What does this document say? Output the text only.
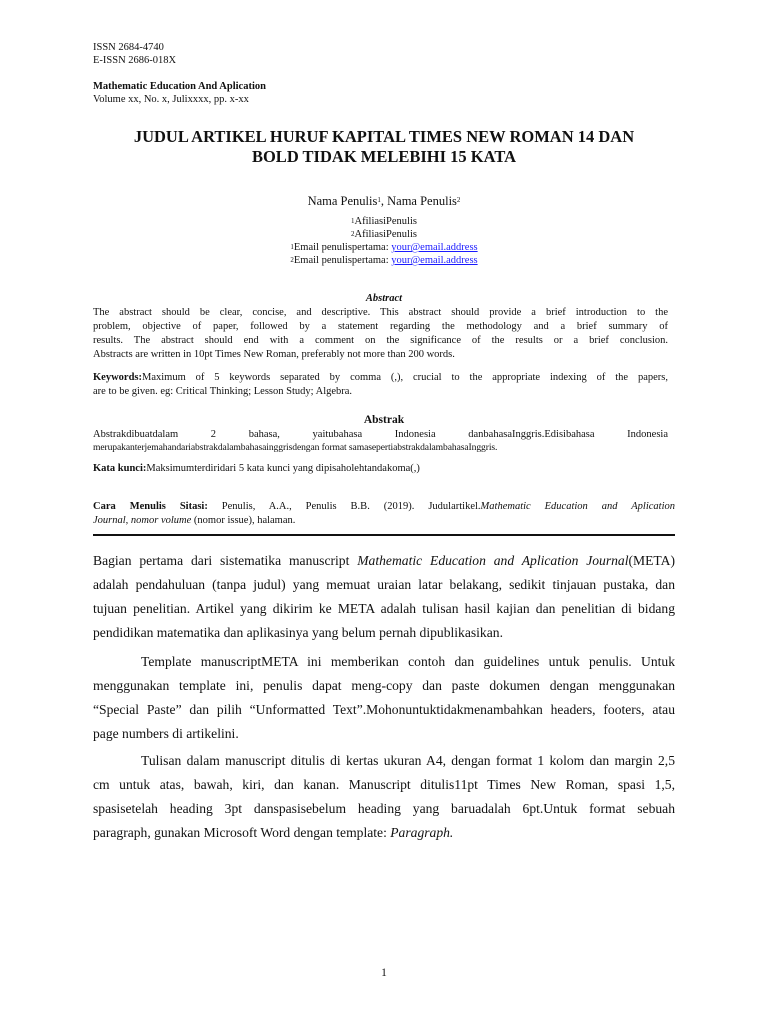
ISSN 2684-4740
E-ISSN 2686-018X
Mathematic Education And Aplication
Volume xx, No. x, Julixxxx, pp. x-xx
JUDUL ARTIKEL HURUF KAPITAL TIMES NEW ROMAN 14 DAN
BOLD TIDAK MELEBIHI 15 KATA
Nama Penulis$^1$, Nama Penulis$^2$
$^1$AfiliasiPenulis
$^2$AfiliasiPenulis
$^1$Email penulispertama: your@email.address
$^2$Email penulispertama: your@email.address
Abstract
The abstract should be clear, concise, and descriptive. This abstract should provide a brief introduction to the
problem, objective of paper, followed by a statement regarding the methodology and a brief summary of
results. The abstract should end with a comment on the significance of the results or a brief conclusion.
Abstracts are written in 10pt Times New Roman, preferably not more than 200 words.
Keywords:Maximum of 5 keywords separated by comma (,), crucial to the appropriate indexing of the papers,
are to be given. eg: Critical Thinking; Lesson Study; Algebra.
Abstrak
Abstrakdibuatdalam 2 bahasa, yaitubahasa Indonesia danbahasaInggris.Edisibahasa Indonesia
merupakanterjemahandariabstrakdalambahasainggrisdengan format samasepertiabstrakdalambahasaInggris.
Kata kunci:Maksimumterdiridari 5 kata kunci yang dipisaholehtandakoma(,)
Cara Menulis Sitasi: Penulis, A.A., Penulis B.B. (2019). Judulartikel.Mathematic Education and Aplication
Journal, nomor volume (nomor issue), halaman.
Bagian pertama dari sistematika manuscript Mathematic Education and Aplication Journal(META)
adalah pendahuluan (tanpa judul) yang memuat uraian latar belakang, sedikit tinjauan pustaka, dan
tujuan penelitian. Artikel yang dikirim ke META adalah tulisan hasil kajian dan penelitian di bidang
pendidikan matematika dan aplikasinya yang belum pernah dipublikasikan.
Template manuscriptMETA ini memberikan contoh dan guidelines untuk penulis. Untuk
menggunakan template ini, penulis dapat meng-copy dan paste dokumen dengan menggunakan
“Special Paste” dan pilih “Unformatted Text”.Mohonuntuktidakmenambahkan headers, footers, atau
page numbers di artikelini.
Tulisan dalam manuscript ditulis di kertas ukuran A4, dengan format 1 kolom dan margin 2,5
cm untuk atas, bawah, kiri, dan kanan. Manuscript ditulis11pt Times New Roman, spasi 1,5,
spasisetelah heading 3pt danspasisebelum heading yang baruadalah 6pt.Untuk format sebuah
paragraph, gunakan Microsoft Word dengan template: Paragraph.
1
